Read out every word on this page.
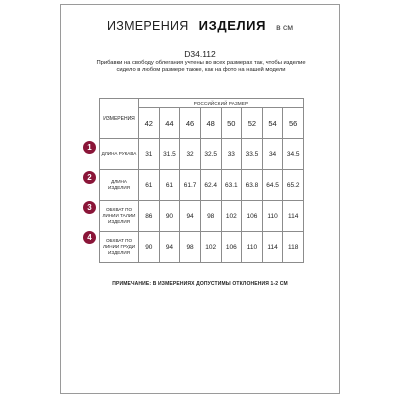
ИЗМЕРЕНИЯ ИЗДЕЛИЯ в см
D34.112
Прибавки на свободу облегания учтены во всех размерах так, чтобы изделие сидело в любом размере также, как на фото на нашей модели
ИЗМЕРЕНИЯ	РОССИЙСКИЙ РАЗМЕР							
	42	44	46	48	50	52	54	56
ДЛИНА РУКАВА	31	31.5	32	32.5	33	33.5	34	34.5
ДЛИНА ИЗДЕЛИЯ	61	61	61.7	62.4	63.1	63.8	64.5	65.2
ОБХВАТ ПО ЛИНИИ ТАЛИИ ИЗДЕЛИЯ	86	90	94	98	102	106	110	114
ОБХВАТ ПО ЛИНИИ ГРУДИ ИЗДЕЛИЯ	90	94	98	102	106	110	114	118
1
2
3
4
ПРИМЕЧАНИЕ: В ИЗМЕРЕНИЯХ ДОПУСТИМЫ ОТКЛОНЕНИЯ 1-2 СМ
